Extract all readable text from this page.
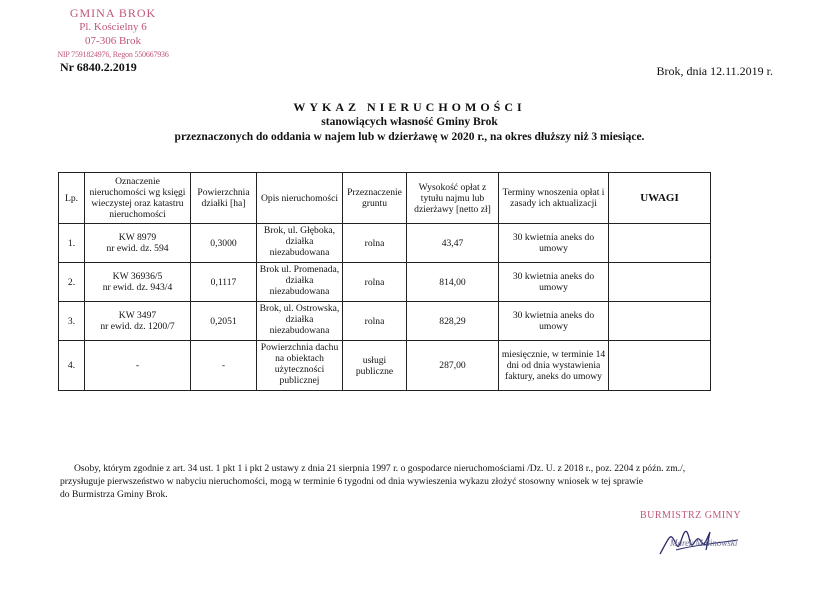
GMINA BROK
Pl. Kościelny 6
07-306 Brok
NIP 7591824976, Regon 550667936
Nr 6840.2.2019	Brok, dnia 12.11.2019 r.
WYKAZ NIERUCHOMOŚCI
stanowiących własność Gminy Brok
przeznaczonych do oddania w najem lub w dzierżawę w 2020 r., na okres dłuższy niż 3 miesiące.
Lp.	Oznaczenie nieruchomości wg księgi wieczystej oraz katastru nieruchomości	Powierzchnia działki [ha]	Opis nieruchomości	Przeznaczenie gruntu	Wysokość opłat z tytułu najmu lub dzierżawy [netto zł]	Terminy wnoszenia opłat i zasady ich aktualizacji	UWAGI
1.	KW 8979
nr ewid. dz. 594	0,3000	Brok, ul. Głęboka, działka niezabudowana	rolna	43,47	30 kwietnia aneks do umowy	
2.	KW 36936/5
nr ewid. dz. 943/4	0,1117	Brok ul. Promenada, działka niezabudowana	rolna	814,00	30 kwietnia aneks do umowy	
3.	KW 3497
nr ewid. dz. 1200/7	0,2051	Brok, ul. Ostrowska, działka niezabudowana	rolna	828,29	30 kwietnia aneks do umowy	
4.	-	-	Powierzchnia dachu na obiektach użyteczności publicznej	usługi publiczne	287,00	miesięcznie, w terminie 14 dni od dnia wystawienia faktury, aneks do umowy	
Osoby, którym zgodnie z art. 34 ust. 1 pkt 1 i pkt 2 ustawy z dnia 21 sierpnia 1997 r. o gospodarce nieruchomościami /Dz. U. z 2018 r., poz. 2204 z późn. zm./,
przysługuje pierwszeństwo w nabyciu nieruchomości, mogą w terminie 6 tygodni od dnia wywieszenia wykazu złożyć stosowny wniosek w tej sprawie
do Burmistrza Gminy Brok.
BURMISTRZ GMINY
Marek Malinowski
